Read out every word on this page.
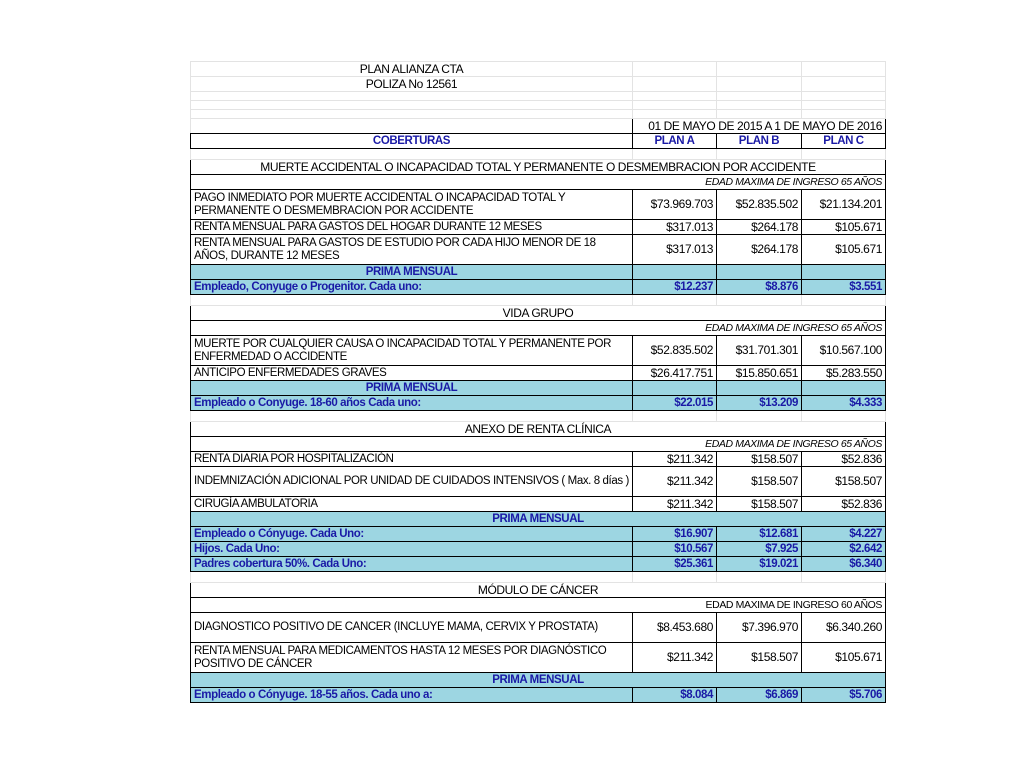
PLAN ALIANZA CTA			
POLIZA No 12561			

	01 DE MAYO DE 2015 A 1 DE MAYO DE 2016		
COBERTURAS	PLAN A	PLAN B	PLAN C

MUERTE ACCIDENTAL O INCAPACIDAD TOTAL Y PERMANENTE O DESMEMBRACION POR ACCIDENTE			
EDAD MAXIMA DE INGRESO 65 AÑOS			
PAGO INMEDIATO POR MUERTE ACCIDENTAL O INCAPACIDAD TOTAL Y PERMANENTE O DESMEMBRACION POR ACCIDENTE	$73.969.703	$52.835.502	$21.134.201
RENTA MENSUAL PARA GASTOS DEL HOGAR DURANTE 12 MESES	$317.013	$264.178	$105.671
RENTA MENSUAL PARA GASTOS DE ESTUDIO POR CADA HIJO MENOR DE 18 AÑOS, DURANTE 12 MESES	$317.013	$264.178	$105.671
PRIMA MENSUAL			
Empleado, Conyuge o Progenitor. Cada uno:	$12.237	$8.876	$3.551

VIDA GRUPO			
EDAD MAXIMA DE INGRESO 65 AÑOS			
MUERTE POR CUALQUIER CAUSA O INCAPACIDAD TOTAL Y PERMANENTE POR ENFERMEDAD O ACCIDENTE	$52.835.502	$31.701.301	$10.567.100
ANTICIPO ENFERMEDADES GRAVES	$26.417.751	$15.850.651	$5.283.550
PRIMA MENSUAL			
Empleado o Conyuge. 18-60 años Cada uno:	$22.015	$13.209	$4.333

ANEXO DE RENTA CLÍNICA			
EDAD MAXIMA DE INGRESO 65 AÑOS			
RENTA DIARIA POR HOSPITALIZACIÓN	$211.342	$158.507	$52.836
INDEMNIZACIÓN ADICIONAL POR UNIDAD DE CUIDADOS INTENSIVOS ( Max. 8 días )	$211.342	$158.507	$158.507
CIRUGÍA AMBULATORIA	$211.342	$158.507	$52.836
PRIMA MENSUAL			
Empleado o Cónyuge. Cada Uno:	$16.907	$12.681	$4.227
Hijos. Cada Uno:	$10.567	$7.925	$2.642
Padres cobertura 50%. Cada Uno:	$25.361	$19.021	$6.340

MÓDULO DE CÁNCER			
EDAD MAXIMA DE INGRESO 60 AÑOS			
DIAGNOSTICO POSITIVO DE CANCER (INCLUYE MAMA, CERVIX Y PROSTATA)	$8.453.680	$7.396.970	$6.340.260
RENTA MENSUAL PARA MEDICAMENTOS HASTA 12 MESES POR DIAGNÓSTICO POSITIVO DE CÁNCER	$211.342	$158.507	$105.671
PRIMA MENSUAL			
Empleado o Cónyuge. 18-55 años. Cada uno a:	$8.084	$6.869	$5.706
